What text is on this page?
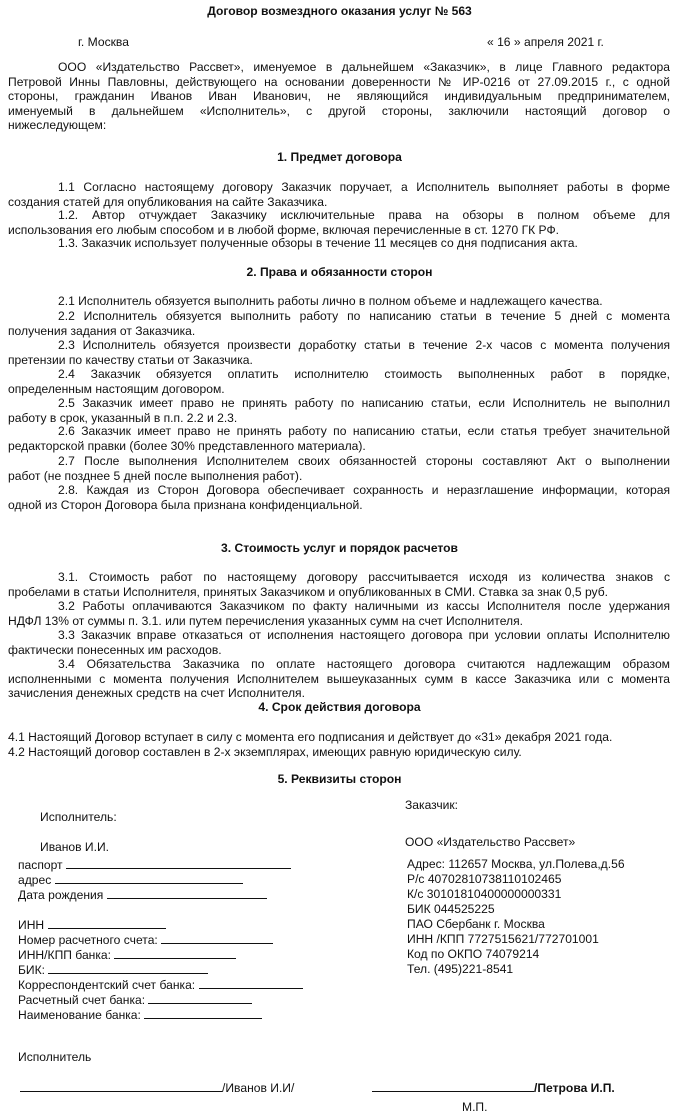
Договор возмездного оказания услуг № 563
г. Москва	« 16 » апреля 2021 г.
ООО «Издательство Рассвет», именуемое в дальнейшем «Заказчик», в лице Главного редактора
Петровой Инны Павловны, действующего на основании доверенности № ИР-0216 от 27.09.2015 г., с одной
стороны, гражданин Иванов Иван Иванович, не являющийся индивидуальным предпринимателем,
именуемый в дальнейшем «Исполнитель», с другой стороны, заключили настоящий договор о
нижеследующем:
1. Предмет договора
1.1 Согласно настоящему договору Заказчик поручает, а Исполнитель выполняет работы в форме
создания статей для опубликования на сайте Заказчика.
1.2. Автор отчуждает Заказчику исключительные права на обзоры в полном объеме для
использования его любым способом и в любой форме, включая перечисленные в ст. 1270 ГК РФ.
1.3. Заказчик использует полученные обзоры в течение 11 месяцев со дня подписания акта.
2. Права и обязанности сторон
2.1 Исполнитель обязуется выполнить работы лично в полном объеме и надлежащего качества.
2.2 Исполнитель обязуется выполнить работу по написанию статьи в течение 5 дней с момента
получения задания от Заказчика.
2.3 Исполнитель обязуется произвести доработку статьи в течение 2-х часов с момента получения
претензии по качеству статьи от Заказчика.
2.4 Заказчик обязуется оплатить исполнителю стоимость выполненных работ в порядке,
определенным настоящим договором.
2.5 Заказчик имеет право не принять работу по написанию статьи, если Исполнитель не выполнил
работу в срок, указанный в п.п. 2.2 и 2.3.
2.6 Заказчик имеет право не принять работу по написанию статьи, если статья требует значительной
редакторской правки (более 30% представленного материала).
2.7 После выполнения Исполнителем своих обязанностей стороны составляют Акт о выполнении
работ (не позднее 5 дней после выполнения работ).
2.8. Каждая из Сторон Договора обеспечивает сохранность и неразглашение информации, которая
одной из Сторон Договора была признана конфиденциальной.
3. Стоимость услуг и порядок расчетов
3.1. Стоимость работ по настоящему договору рассчитывается исходя из количества знаков с
пробелами в статьи Исполнителя, принятых Заказчиком и опубликованных в СМИ. Ставка за знак 0,5 руб.
3.2 Работы оплачиваются Заказчиком по факту наличными из кассы Исполнителя после удержания
НДФЛ 13% от суммы п. 3.1. или путем перечисления указанных сумм на счет Исполнителя.
3.3 Заказчик вправе отказаться от исполнения настоящего договора при условии оплаты Исполнителю
фактически понесенных им расходов.
3.4 Обязательства Заказчика по оплате настоящего договора считаются надлежащим образом
исполненными с момента получения Исполнителем вышеуказанных сумм в кассе Заказчика или с момента
зачисления денежных средств на счет Исполнителя.
4. Срок действия договора
4.1 Настоящий Договор вступает в силу с момента его подписания и действует до «31» декабря 2021 года.
4.2 Настоящий договор составлен в 2-х экземплярах, имеющих равную юридическую силу.
5. Реквизиты сторон
Исполнитель:
Иванов И.И.
паспорт
адрес
Дата рождения
ИНН
Номер расчетного счета:
ИНН/КПП банка:
БИК:
Корреспондентский счет банка:
Расчетный счет банка:
Наименование банка:
Заказчик:
ООО «Издательство Рассвет»
Адрес: 112657 Москва, ул.Полева,д.56
Р/с 40702810738110102465
К/с 30101810400000000331
БИК 044525225
ПАО Сбербанк г. Москва
ИНН /КПП 7727515621/772701001
Код по ОКПО 74079214
Тел. (495)221-8541
Исполнитель
/Иванов И.И/	/Петрова И.П.
М.П.
